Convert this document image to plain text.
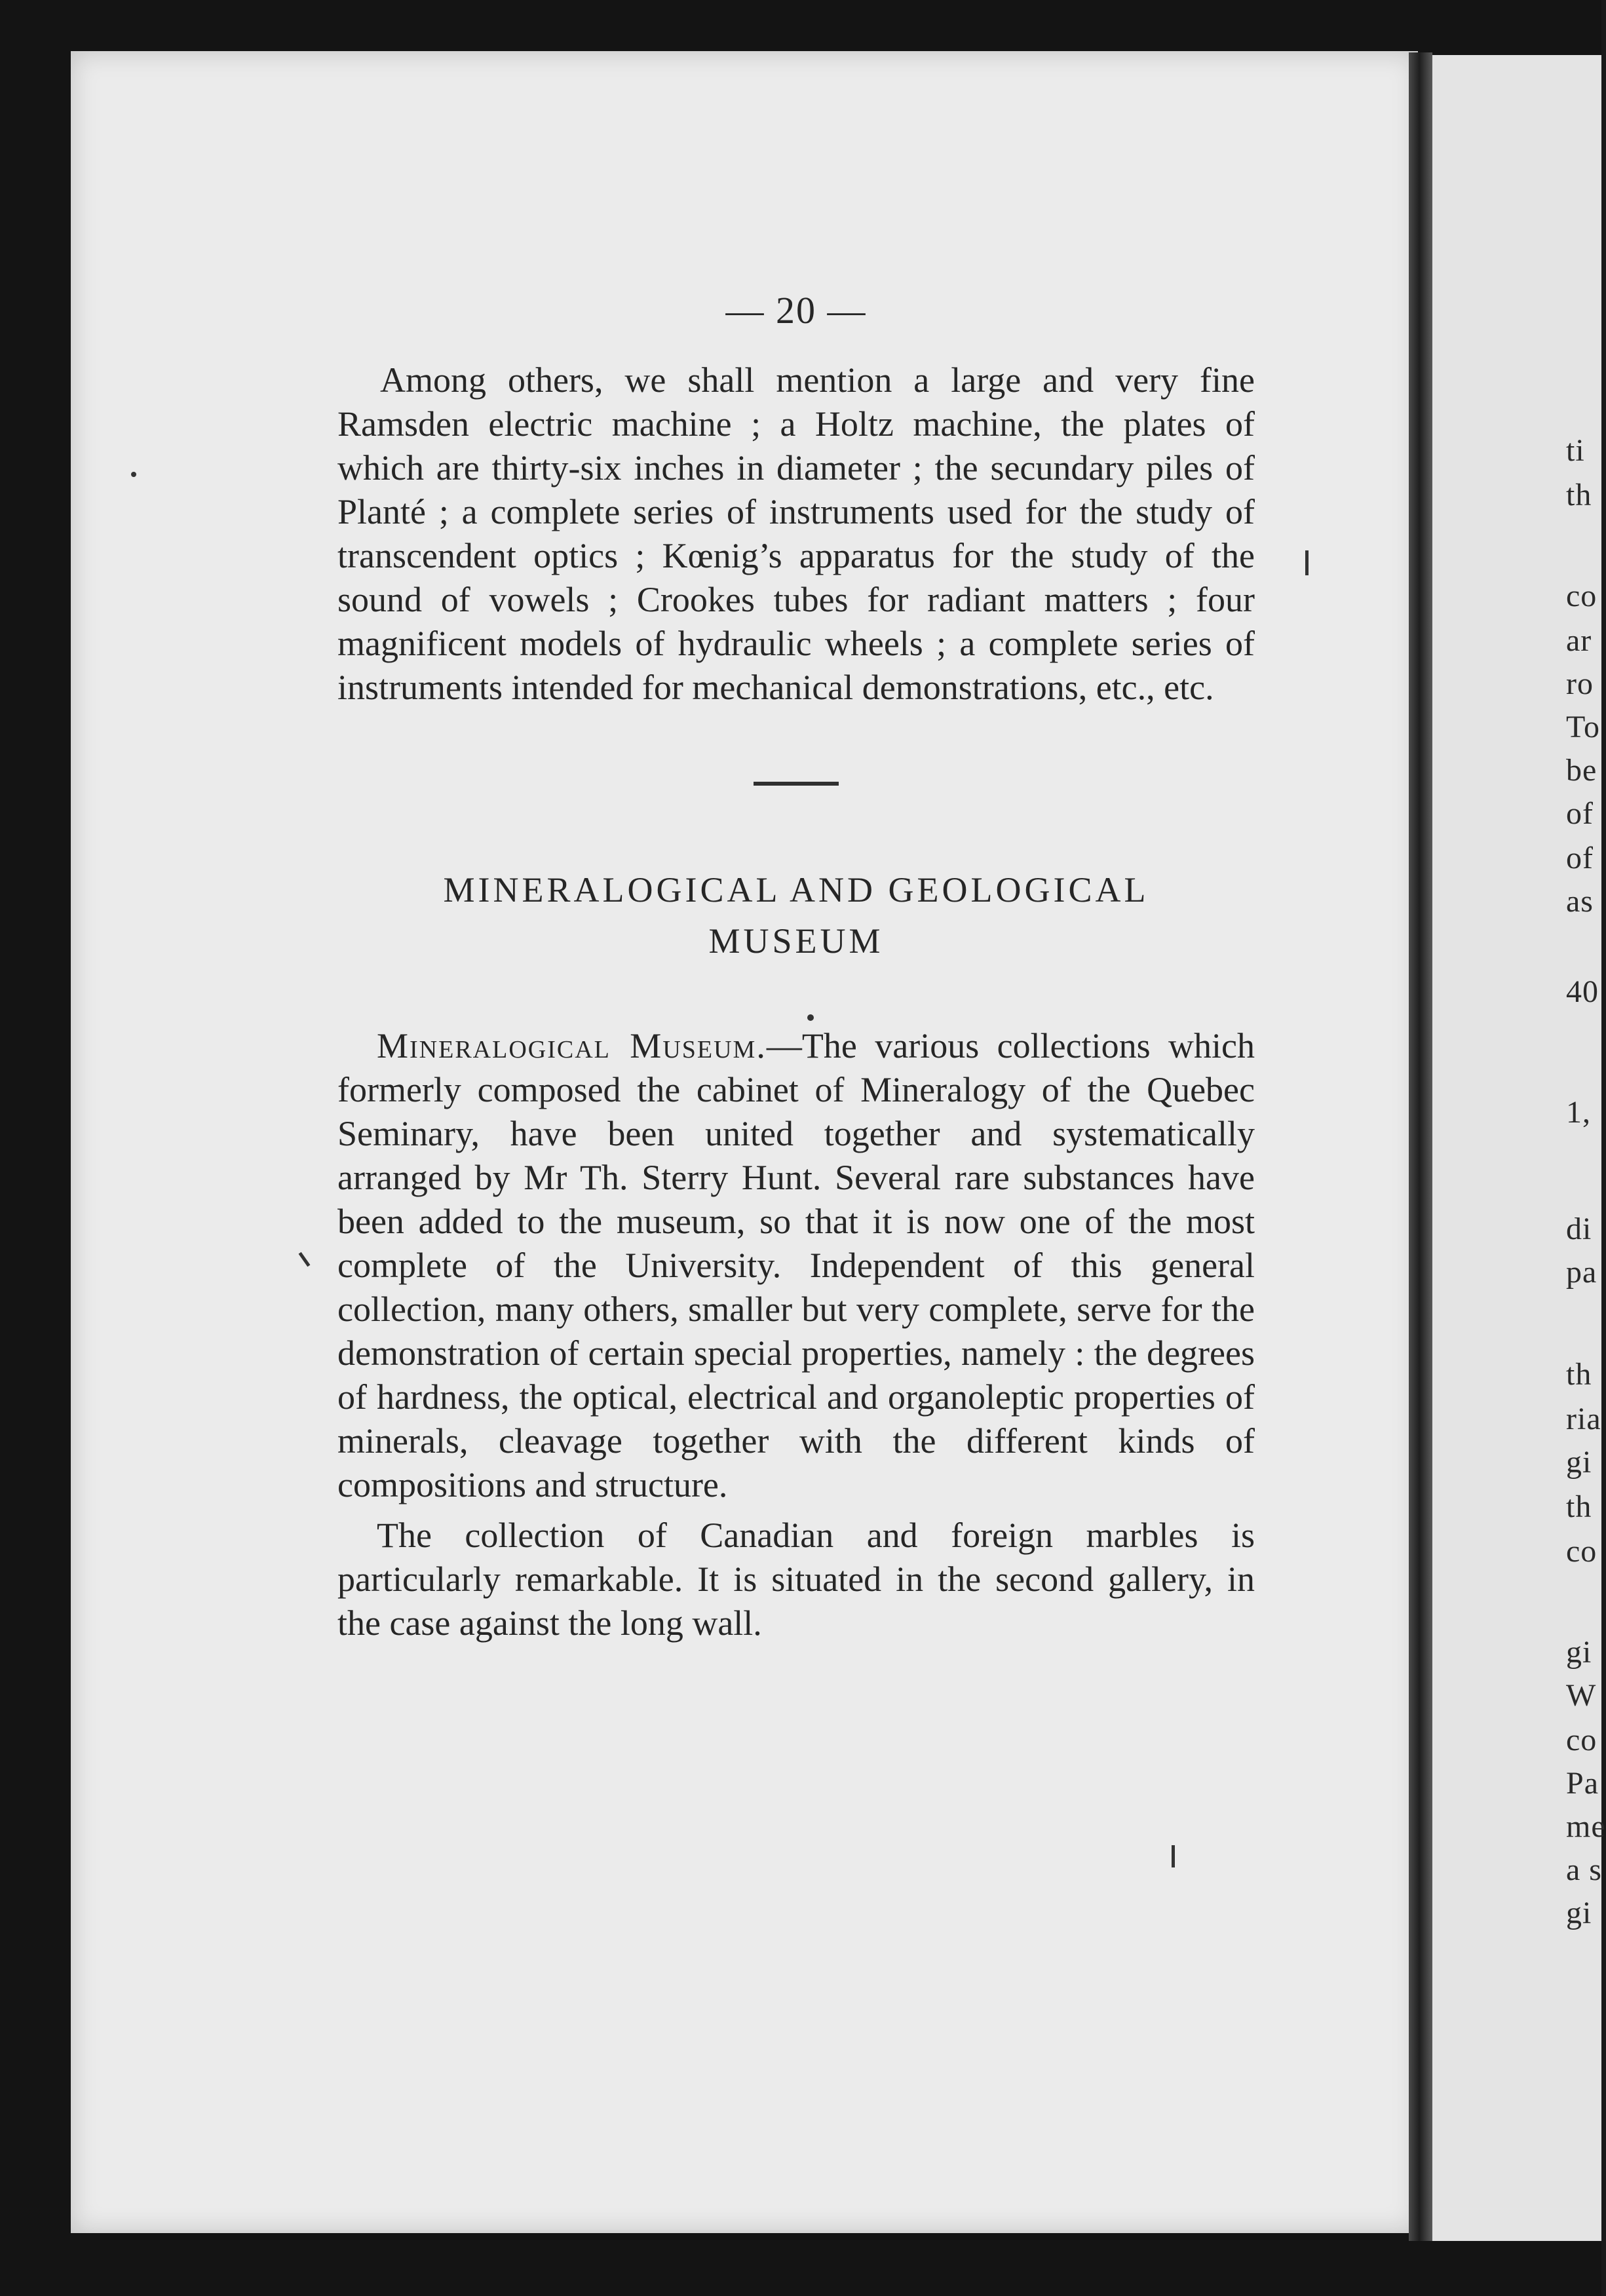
ti
th
co
ar
ro
To
be
of
of
as
40
1,
di
pa
th
ria
gi
th
co
gi
W
co
Pa
me
a s
gi
— 20 —

Among others, we shall mention a large and very fine Ramsden electric machine ; a Holtz machine, the plates of which are thirty-six inches in diameter ; the secundary piles of Planté ; a complete series of instruments used for the study of transcendent optics ; Kœnig’s apparatus for the study of the sound of vowels ; Crookes tubes for radiant matters ; four magnificent models of hydraulic wheels ; a complete series of instruments intended for mechanical demonstrations, etc., etc.

MINERALOGICAL AND GEOLOGICAL
MUSEUM

Mineralogical Museum.—The various collections which formerly composed the cabinet of Mineralogy of the Quebec Seminary, have been united together and systematically arranged by Mr Th. Sterry Hunt. Several rare substances have been added to the museum, so that it is now one of the most complete of the University. Independent of this general collection, many others, smaller but very complete, serve for the demonstration of certain special properties, namely : the degrees of hardness, the optical, electrical and organoleptic properties of minerals, cleavage together with the different kinds of compositions and structure.

The collection of Canadian and foreign marbles is particularly remarkable. It is situated in the second gallery, in the case against the long wall.
